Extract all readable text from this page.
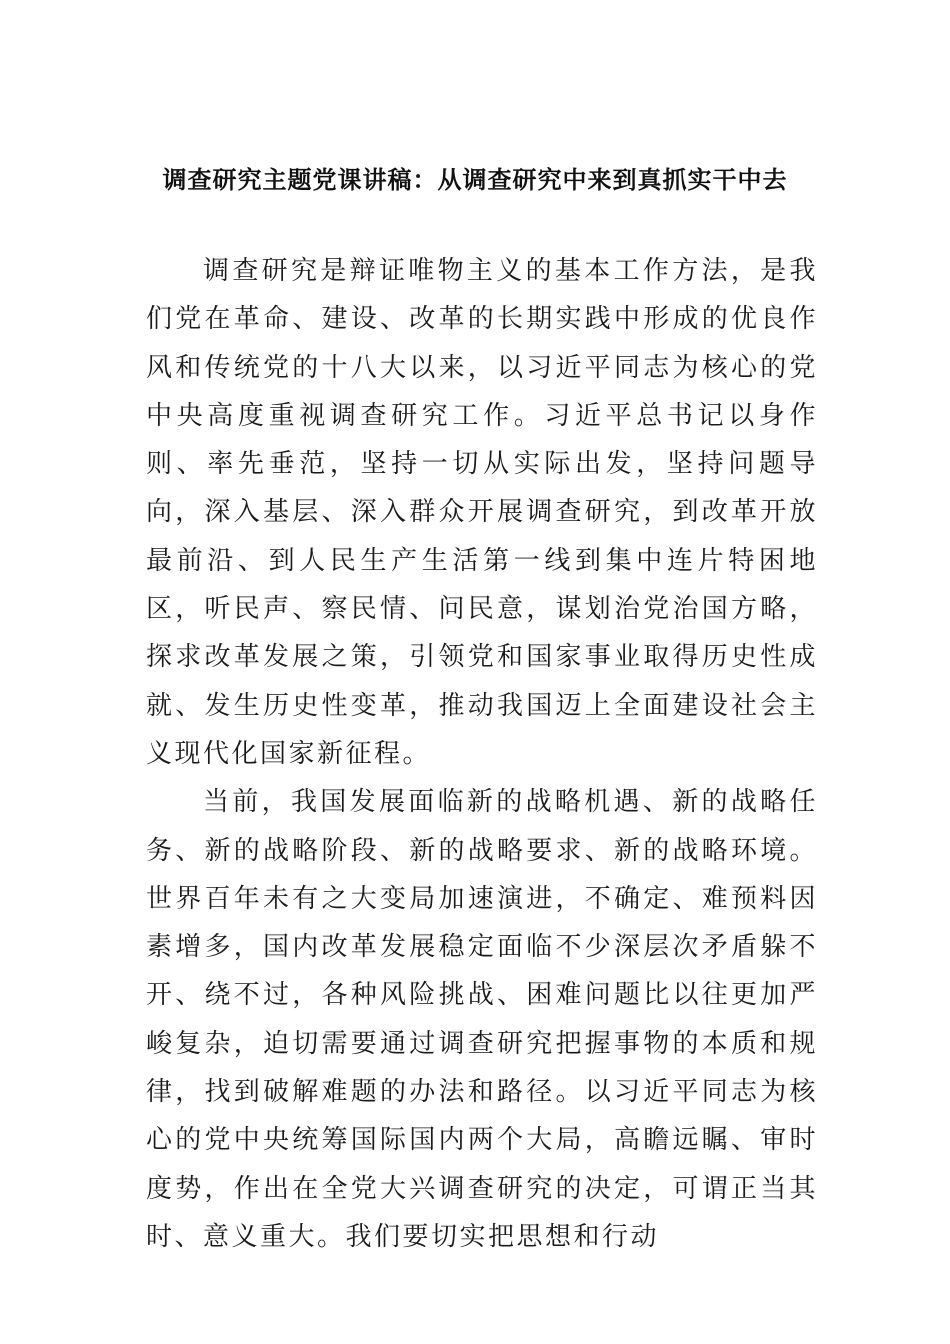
调查研究主题党课讲稿：从调查研究中来到真抓实干中去

调查研究是辩证唯物主义的基本工作方法，是我们党在革命、建设、改革的长期实践中形成的优良作风和传统党的十八大以来，以习近平同志为核心的党中央高度重视调查研究工作。习近平总书记以身作则、率先垂范，坚持一切从实际出发，坚持问题导向，深入基层、深入群众开展调查研究，到改革开放最前沿、到人民生产生活第一线到集中连片特困地区，听民声、察民情、问民意，谋划治党治国方略，探求改革发展之策，引领党和国家事业取得历史性成就、发生历史性变革，推动我国迈上全面建设社会主义现代化国家新征程。

当前，我国发展面临新的战略机遇、新的战略任务、新的战略阶段、新的战略要求、新的战略环境。世界百年未有之大变局加速演进，不确定、难预料因素增多，国内改革发展稳定面临不少深层次矛盾躲不开、绕不过，各种风险挑战、困难问题比以往更加严峻复杂，迫切需要通过调查研究把握事物的本质和规律，找到破解难题的办法和路径。以习近平同志为核心的党中央统筹国际国内两个大局，高瞻远瞩、审时度势，作出在全党大兴调查研究的决定，可谓正当其时、意义重大。我们要切实把思想和行动
